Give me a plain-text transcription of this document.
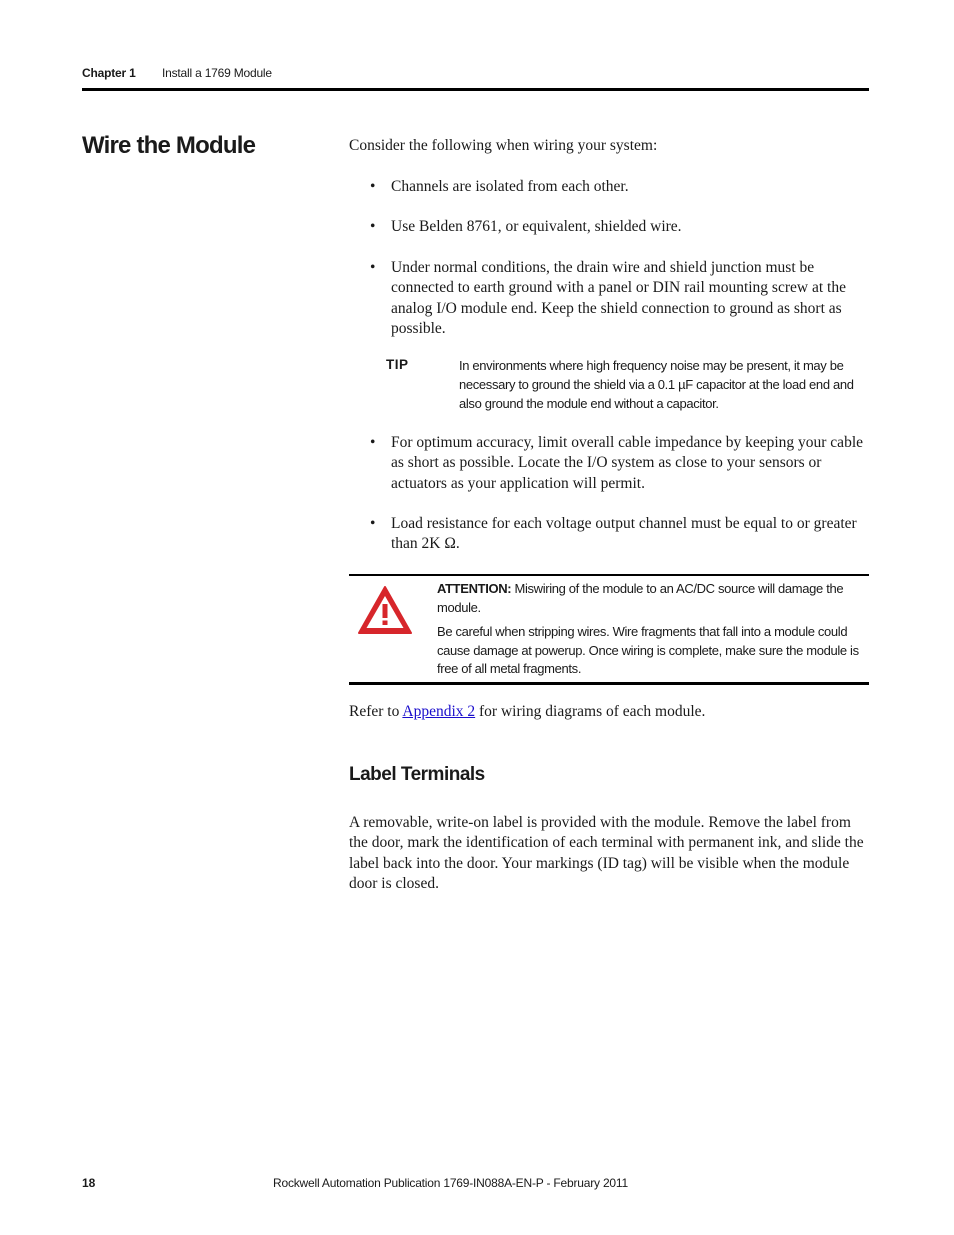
Chapter 1 Install a 1769 Module
Wire the Module	Consider the following when wiring your system:

• Channels are isolated from each other.
• Use Belden 8761, or equivalent, shielded wire.
• Under normal conditions, the drain wire and shield junction must be connected to earth ground with a panel or DIN rail mounting screw at the analog I/O module end. Keep the shield connection to ground as short as possible.
TIP	In environments where high frequency noise may be present, it may be necessary to ground the shield via a 0.1 µF capacitor at the load end and also ground the module end without a capacitor.
• For optimum accuracy, limit overall cable impedance by keeping your cable as short as possible. Locate the I/O system as close to your sensors or actuators as your application will permit.
• Load resistance for each voltage output channel must be equal to or greater than 2K Ω.

ATTENTION: Miswiring of the module to an AC/DC source will damage the module.

Be careful when stripping wires. Wire fragments that fall into a module could cause damage at powerup. Once wiring is complete, make sure the module is free of all metal fragments.

Refer to Appendix 2 for wiring diagrams of each module.

Label Terminals

A removable, write-on label is provided with the module. Remove the label from the door, mark the identification of each terminal with permanent ink, and slide the label back into the door. Your markings (ID tag) will be visible when the module door is closed.

18	Rockwell Automation Publication 1769-IN088A-EN-P - February 2011
